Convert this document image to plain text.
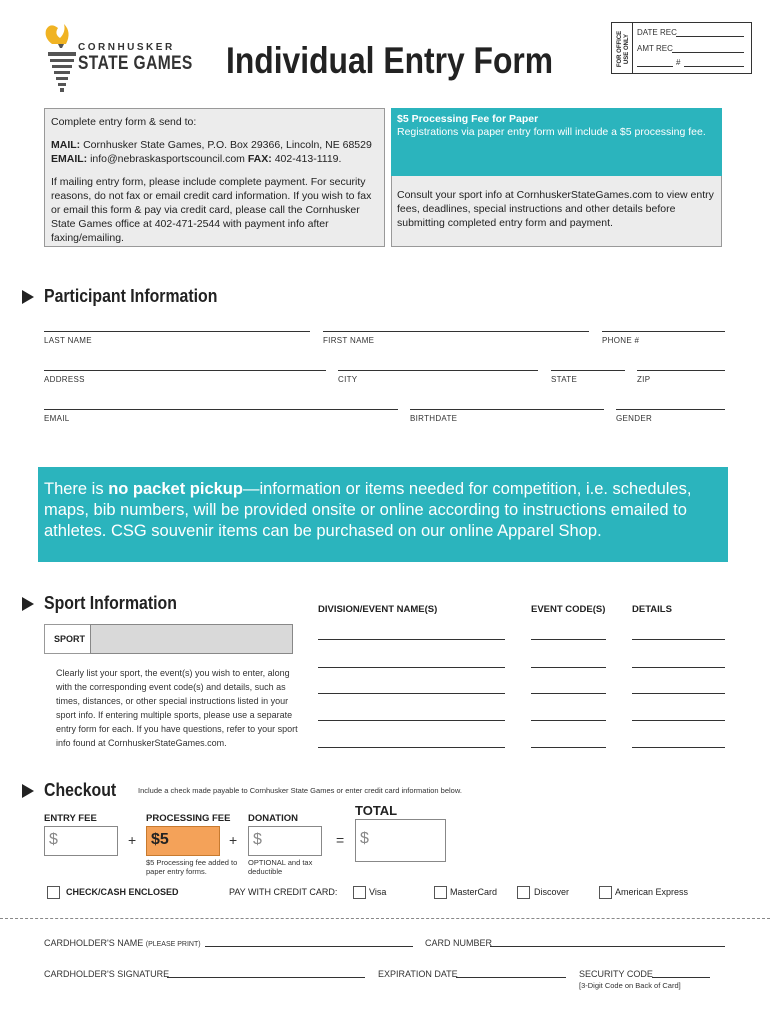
CORNHUSKER
STATE GAMES Individual Entry Form	FOR OFFICE USE ONLY
DATE REC
AMT REC
#

Complete entry form & send to:

MAIL: Cornhusker State Games, P.O. Box 29366, Lincoln, NE 68529
EMAIL: info@nebraskasportscouncil.com FAX: 402-413-1119.

If mailing entry form, please include complete payment. For security reasons, do not fax or email credit card information. If you wish to fax or email this form & pay via credit card, please call the Cornhusker State Games office at 402-471-2544 with payment info after faxing/emailing.

$5 Processing Fee for Paper
Registrations via paper entry form will include a $5 processing fee.
Consult your sport info at CornhuskerStateGames.com to view entry fees, deadlines, special instructions and other details before submitting completed entry form and payment.
Participant Information
LAST NAME	FIRST NAME	PHONE #
ADDRESS	CITY	STATE	ZIP
EMAIL	BIRTHDATE	GENDER
There is no packet pickup—information or items needed for competition, i.e. schedules, maps, bib numbers, will be provided onsite or online according to instructions emailed to athletes. CSG souvenir items can be purchased on our online Apparel Shop.
Sport Information	DIVISION/EVENT NAME(S)	EVENT CODE(S)	DETAILS
SPORT
Clearly list your sport, the event(s) you wish to enter, along with the corresponding event code(s) and details, such as times, distances, or other special instructions listed in your sport info. If entering multiple sports, please use a separate entry form for each. If you have questions, refer to your sport info found at CornhuskerStateGames.com.
Checkout	Include a check made payable to Cornhusker State Games or enter credit card information below.
ENTRY FEE
$	+
PROCESSING FEE
$5
$5 Processing fee added to paper entry forms.
+
DONATION
$
OPTIONAL and tax deductible
=
TOTAL
$
CHECK/CASH ENCLOSED	PAY WITH CREDIT CARD:	Visa	MasterCard	Discover	American Express
CARDHOLDER'S NAME (PLEASE PRINT)	CARD NUMBER
CARDHOLDER'S SIGNATURE	EXPIRATION DATE	SECURITY CODE
[3-Digit Code on Back of Card]
